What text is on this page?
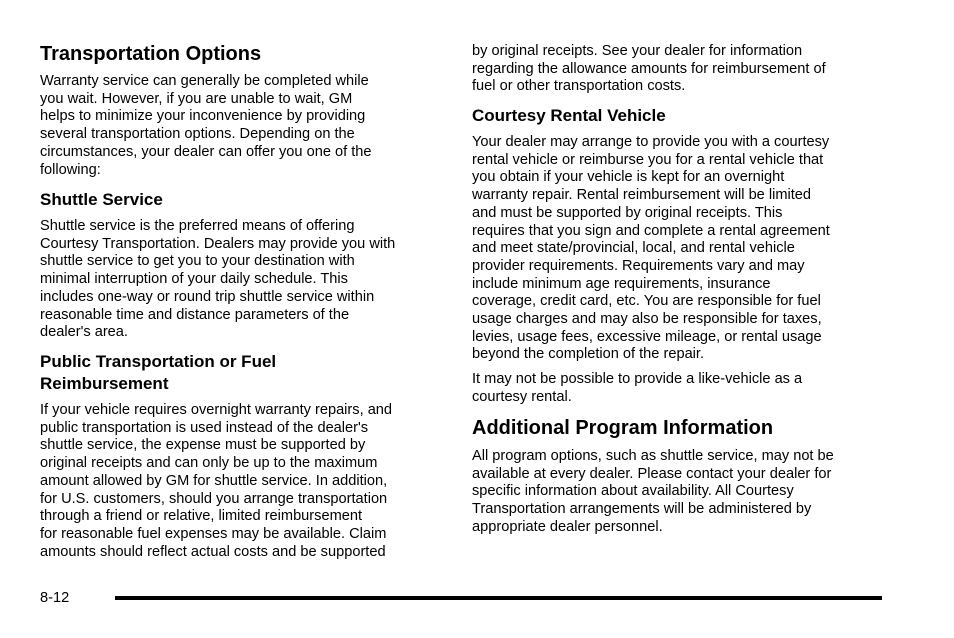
Transportation Options
Warranty service can generally be completed while
you wait. However, if you are unable to wait, GM
helps to minimize your inconvenience by providing
several transportation options. Depending on the
circumstances, your dealer can offer you one of the
following:
Shuttle Service
Shuttle service is the preferred means of offering
Courtesy Transportation. Dealers may provide you with
shuttle service to get you to your destination with
minimal interruption of your daily schedule. This
includes one-way or round trip shuttle service within
reasonable time and distance parameters of the
dealer's area.
Public Transportation or Fuel
Reimbursement
If your vehicle requires overnight warranty repairs, and
public transportation is used instead of the dealer's
shuttle service, the expense must be supported by
original receipts and can only be up to the maximum
amount allowed by GM for shuttle service. In addition,
for U.S. customers, should you arrange transportation
through a friend or relative, limited reimbursement
for reasonable fuel expenses may be available. Claim
amounts should reflect actual costs and be supported
by original receipts. See your dealer for information
regarding the allowance amounts for reimbursement of
fuel or other transportation costs.
Courtesy Rental Vehicle
Your dealer may arrange to provide you with a courtesy
rental vehicle or reimburse you for a rental vehicle that
you obtain if your vehicle is kept for an overnight
warranty repair. Rental reimbursement will be limited
and must be supported by original receipts. This
requires that you sign and complete a rental agreement
and meet state/provincial, local, and rental vehicle
provider requirements. Requirements vary and may
include minimum age requirements, insurance
coverage, credit card, etc. You are responsible for fuel
usage charges and may also be responsible for taxes,
levies, usage fees, excessive mileage, or rental usage
beyond the completion of the repair.
It may not be possible to provide a like-vehicle as a
courtesy rental.
Additional Program Information
All program options, such as shuttle service, may not be
available at every dealer. Please contact your dealer for
specific information about availability. All Courtesy
Transportation arrangements will be administered by
appropriate dealer personnel.
8-12
